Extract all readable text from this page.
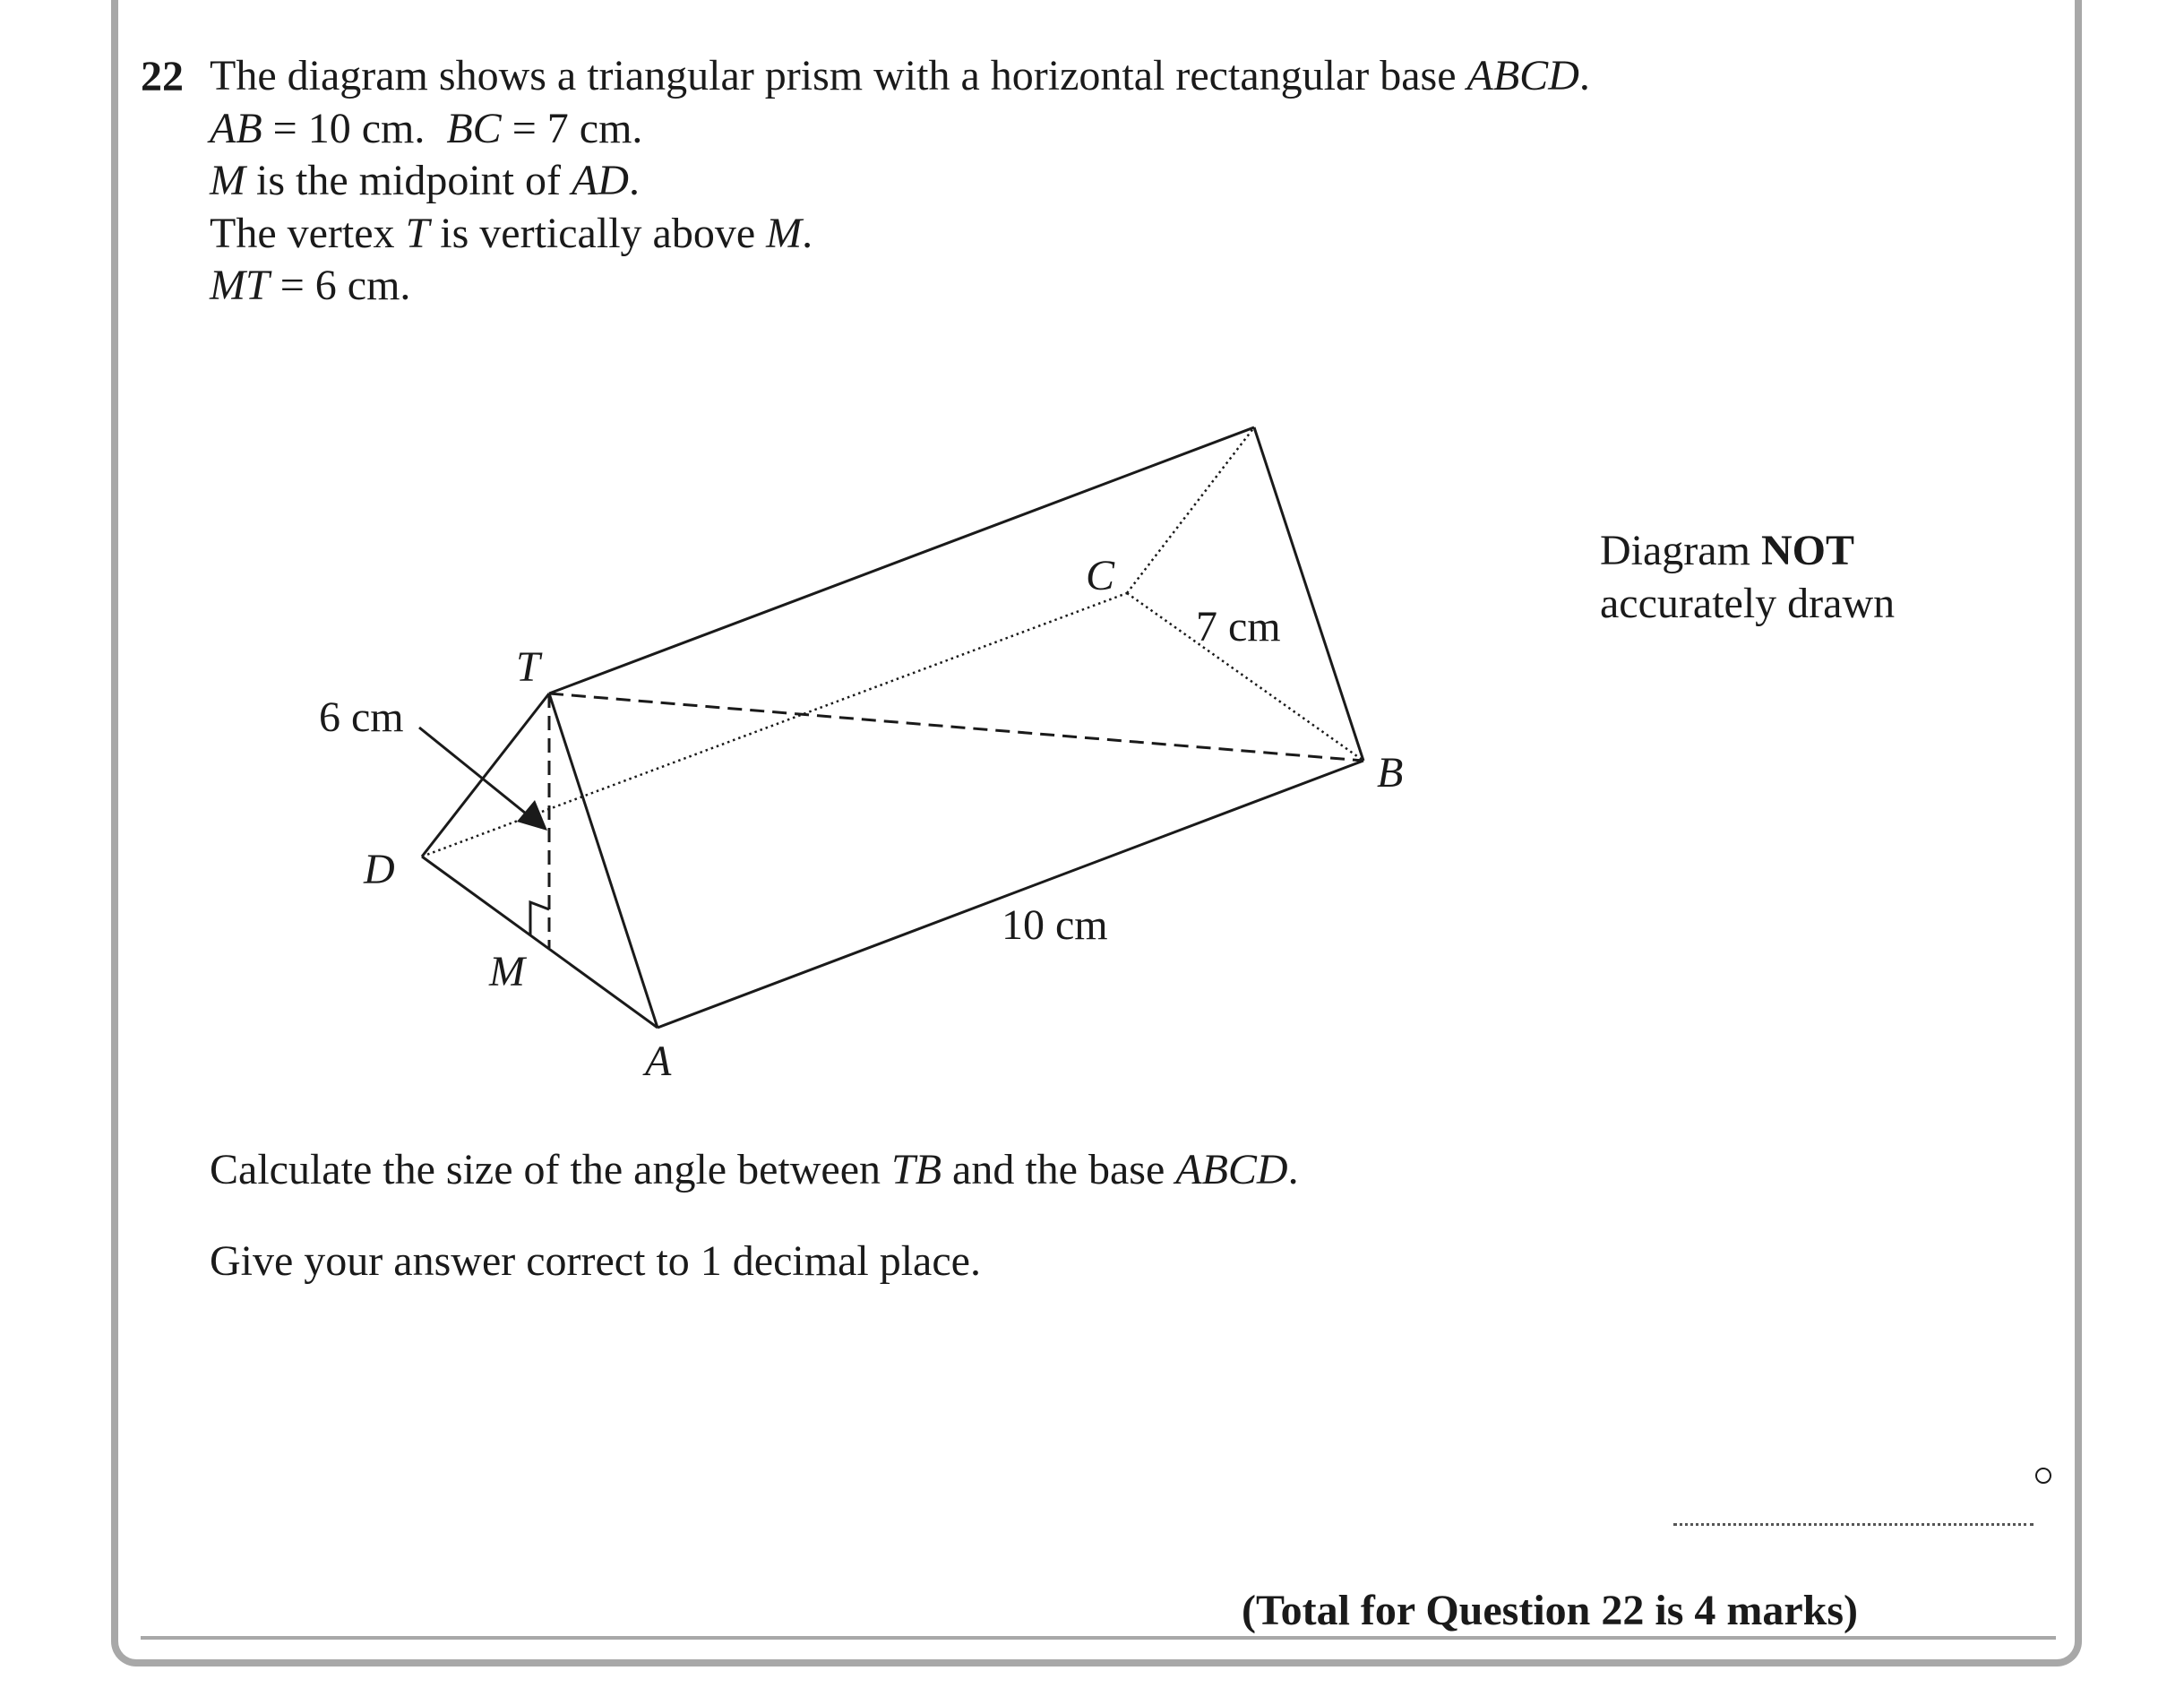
22 The diagram shows a triangular prism with a horizontal rectangular base ABCD.
AB = 10 cm.  BC = 7 cm.
M is the midpoint of AD.
The vertex T is vertically above M.
MT = 6 cm.
T
C
D
M
A
B
6 cm
7 cm
10 cm
Diagram NOT
accurately drawn
Calculate the size of the angle between TB and the base ABCD.
Give your answer correct to 1 decimal place.
(Total for Question 22 is 4 marks)
